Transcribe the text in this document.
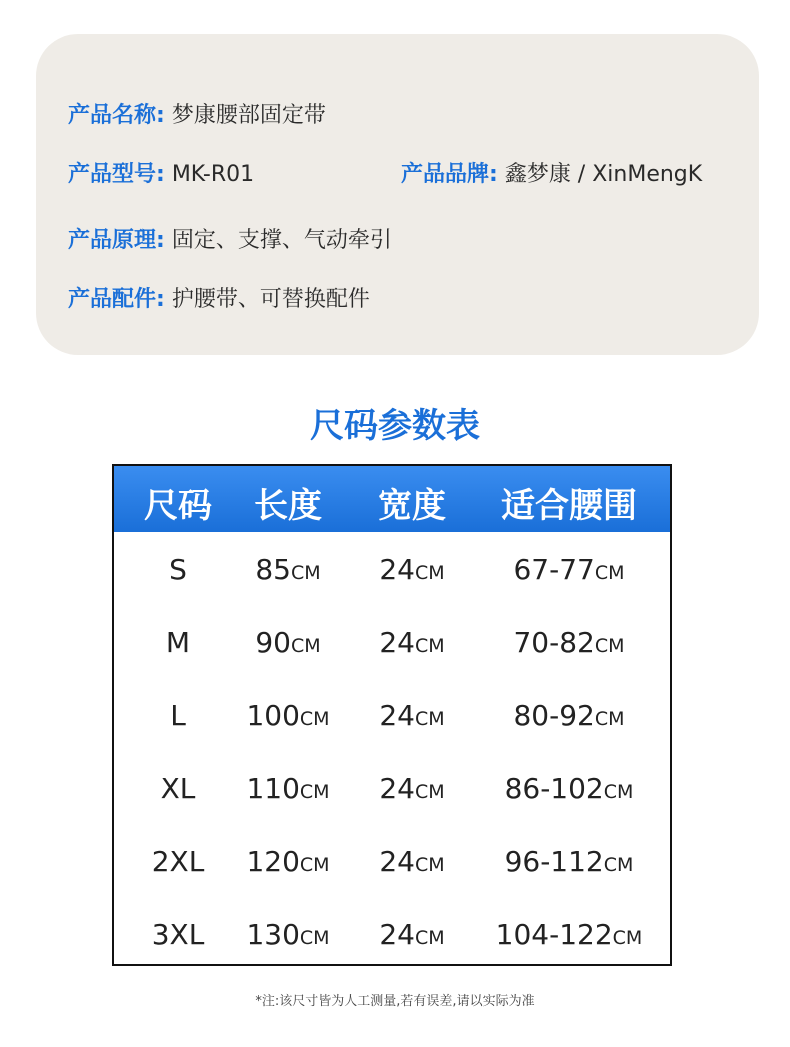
产品名称: 梦康腰部固定带
产品型号: MK-R01	产品品牌: 鑫梦康 / XinMengK
产品原理: 固定、支撑、气动牵引
产品配件: 护腰带、可替换配件
尺码参数表
尺码 长度 宽度 适合腰围
S 85CM 24CM 67-77CM
M 90CM 24CM 70-82CM
L 100CM 24CM 80-92CM
XL 110CM 24CM 86-102CM
2XL 120CM 24CM 96-112CM
3XL 130CM 24CM 104-122CM
*注:该尺寸皆为人工测量,若有误差,请以实际为准
